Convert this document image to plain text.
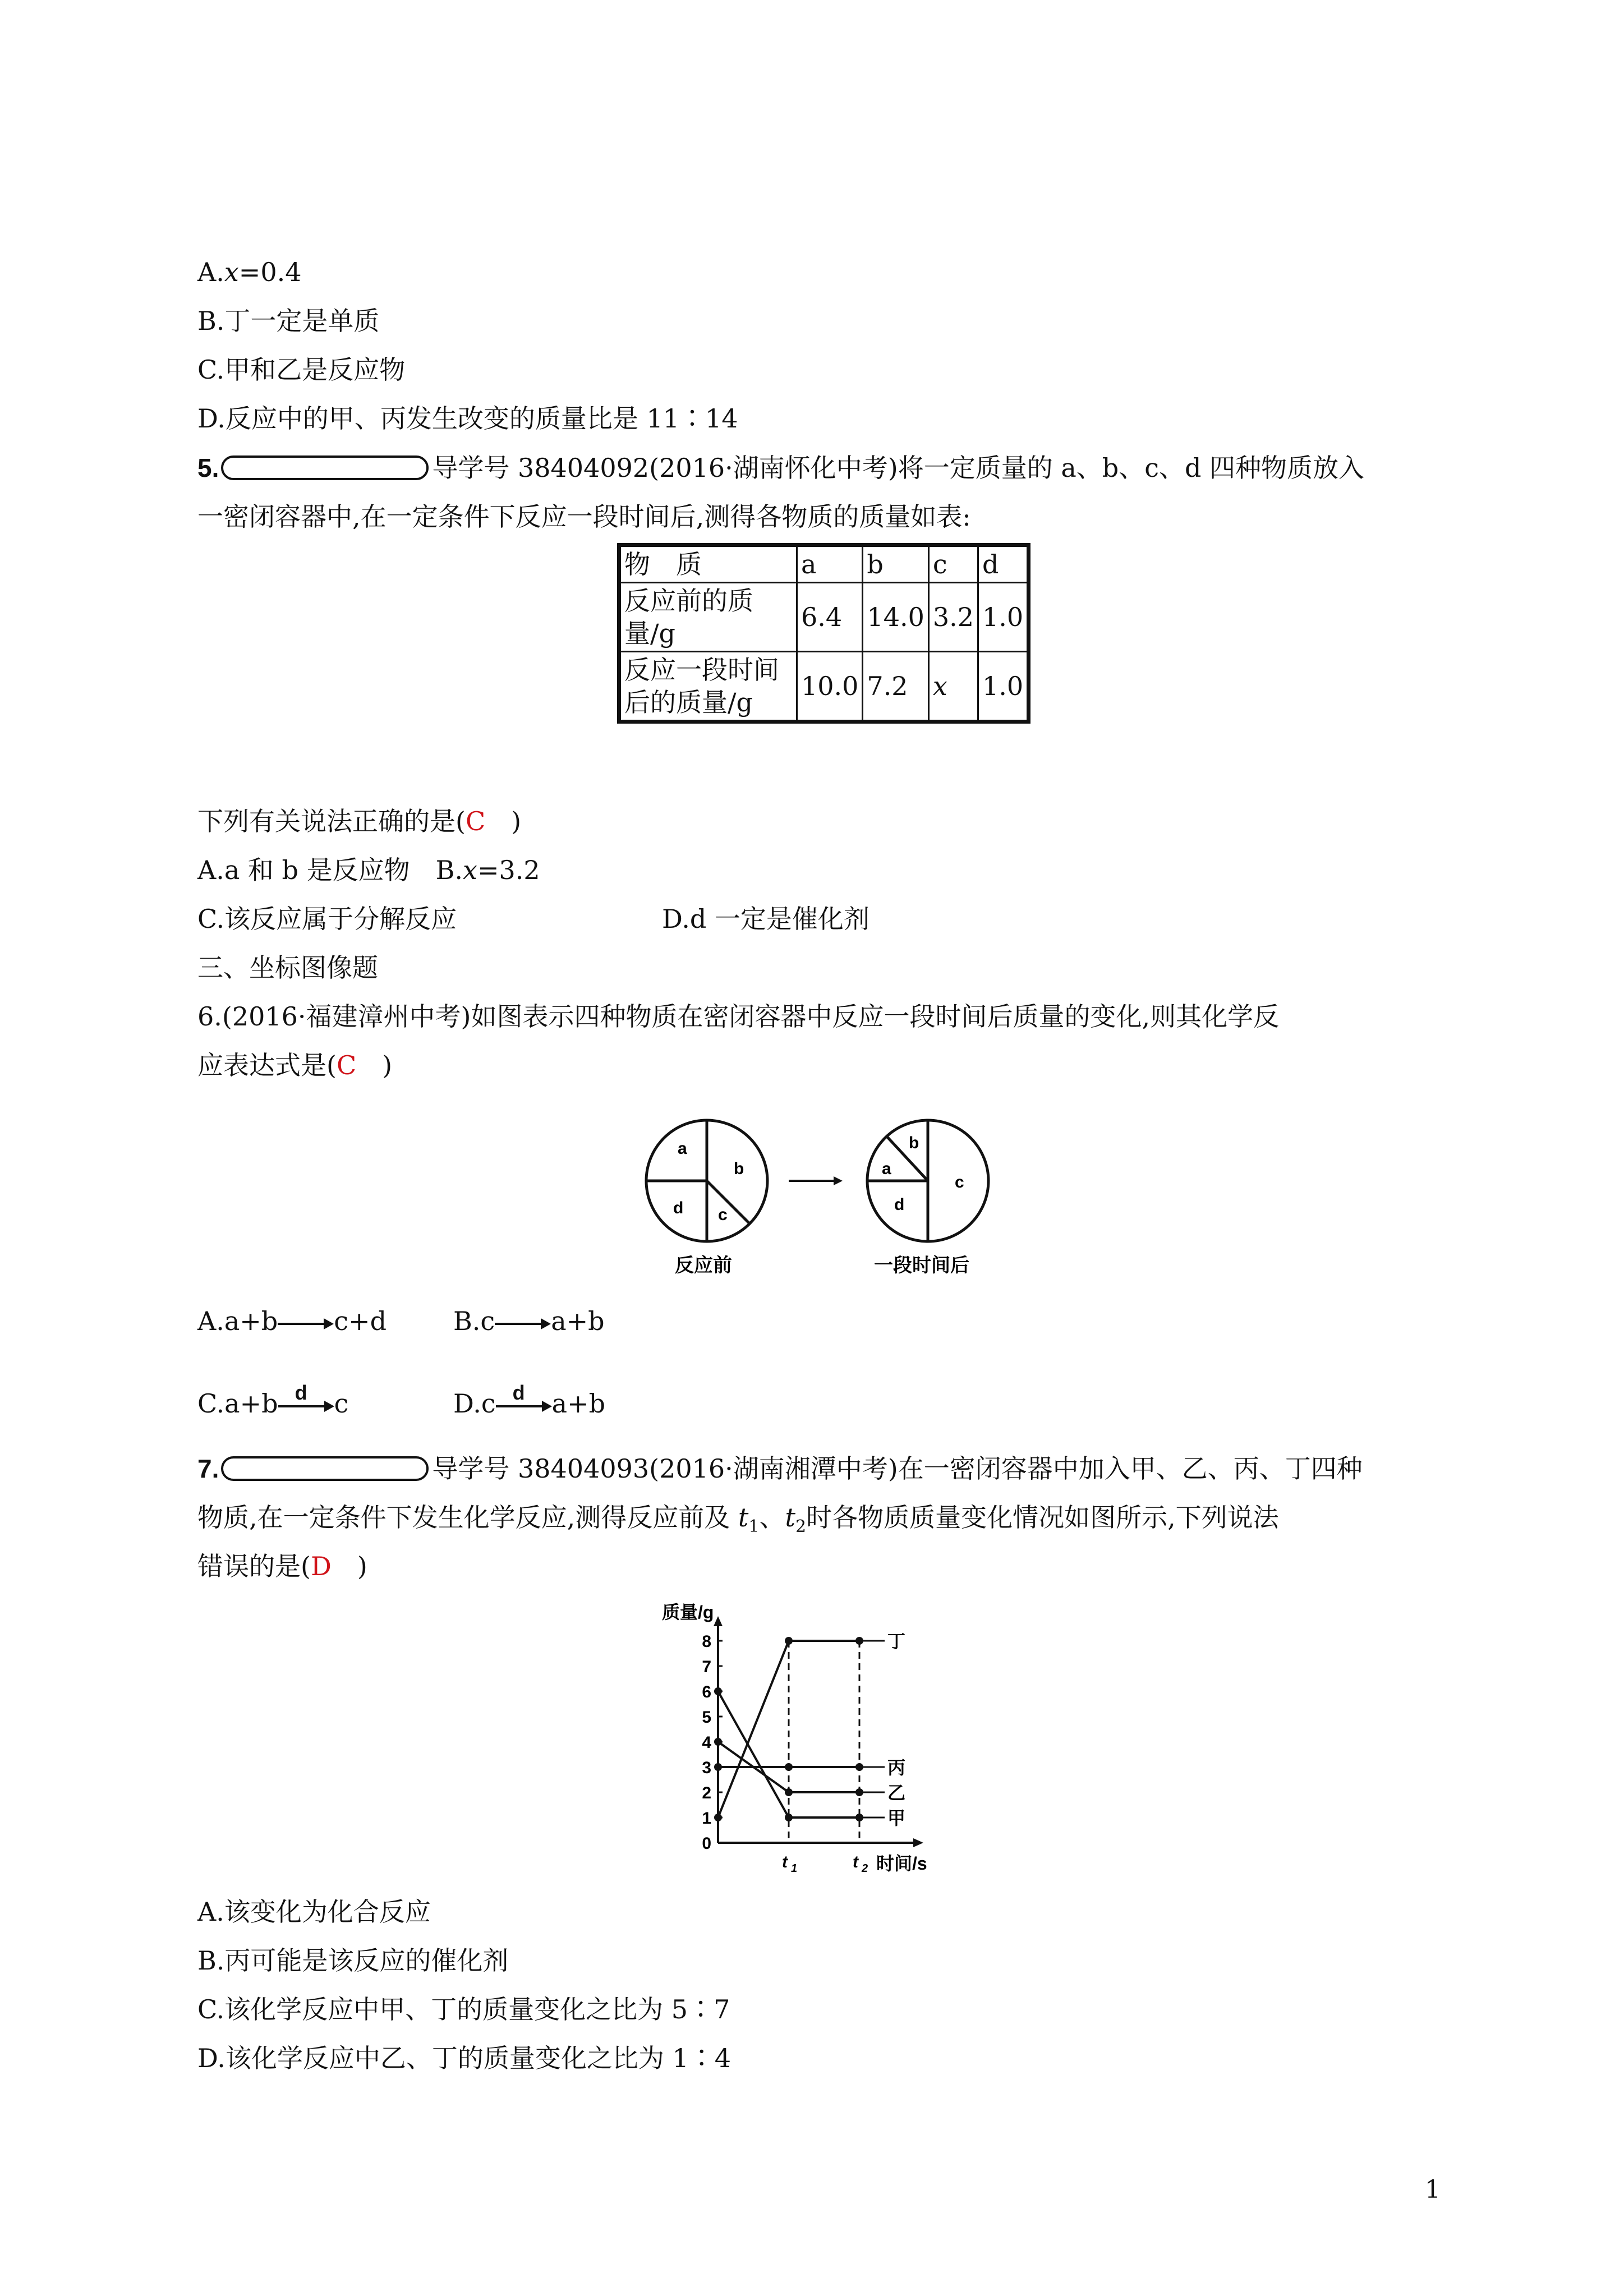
A.x=0.4
B.丁一定是单质
C.甲和乙是反应物
D.反应中的甲、丙发生改变的质量比是 11∶14
5.	导学号 38404092(2016·湖南怀化中考)将一定质量的 a、b、c、d 四种物质放入
一密闭容器中,在一定条件下反应一段时间后,测得各物质的质量如表:
物　质	a	b	c	d
反应前的质量/g	6.4	14.0	3.2	1.0
反应一段时间后的质量/g	10.0	7.2	x	1.0
下列有关说法正确的是(C　)
A.a 和 b 是反应物　B.x=3.2
C.该反应属于分解反应	D.d 一定是催化剂
三、坐标图像题
6.(2016·福建漳州中考)如图表示四种物质在密闭容器中反应一段时间后质量的变化,则其化学反
应表达式是(C　)
a
b
c
d
反应前
b
a
d
c
一段时间后
A.a+b c+d	B.c a+b
C.a+b d c	D.c d a+b
7.	导学号 38404093(2016·湖南湘潭中考)在一密闭容器中加入甲、乙、丙、丁四种
物质,在一定条件下发生化学反应,测得反应前及 $t_1$、$t_2$时各物质质量变化情况如图所示,下列说法
错误的是(D　)
0
1
2
3
4
5
6
7
8
质量/g
时间/s
t 1	t 2
丁
丙
乙
甲
A.该变化为化合反应
B.丙可能是该反应的催化剂
C.该化学反应中甲、丁的质量变化之比为 5∶7
D.该化学反应中乙、丁的质量变化之比为 1∶4
1
